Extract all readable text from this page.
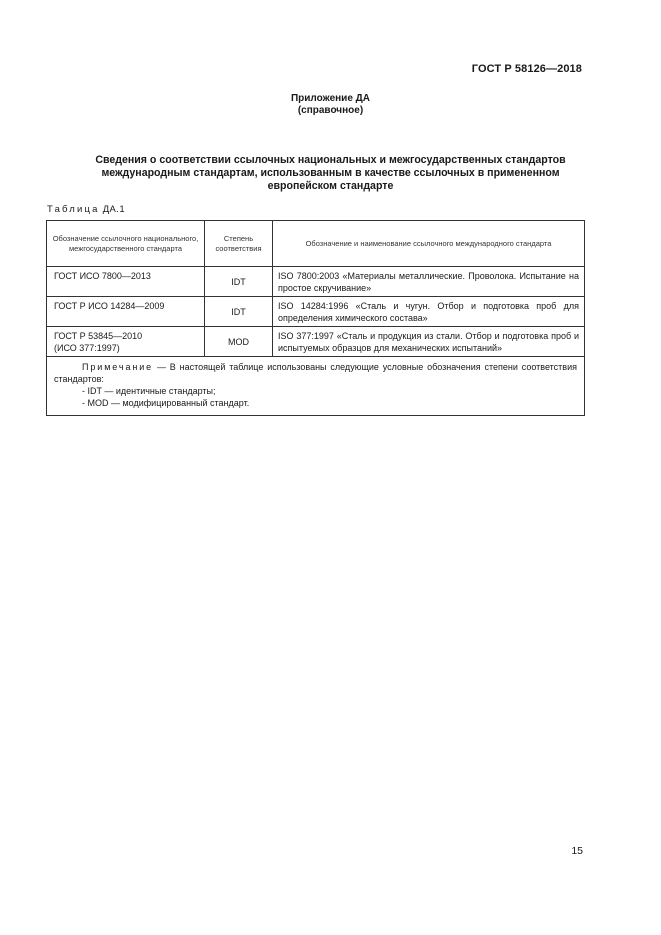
ГОСТ Р 58126—2018
Приложение ДА
(справочное)
Сведения о соответствии ссылочных национальных и межгосударственных стандартов
международным стандартам, использованным в качестве ссылочных в примененном
европейском стандарте
Таблица ДА.1
Обозначение ссылочного национального, межгосударственного стандарта	Степень соответствия	Обозначение и наименование ссылочного международного стандарта

ГОСТ ИСО 7800—2013	IDT	ISO 7800:2003 «Материалы металлические. Проволока. Испытание на простое скручивание»

ГОСТ Р ИСО 14284—2009	IDT	ISO 14284:1996 «Сталь и чугун. Отбор и подготовка проб для определения химического состава»

ГОСТ Р 53845—2010
(ИСО 377:1997)	MOD	ISO 377:1997 «Сталь и продукция из стали. Отбор и подготовка проб и испытуемых образцов для механических испытаний»

Примечание — В настоящей таблице использованы следующие условные обозначения степени соответствия стандартов:
- IDT — идентичные стандарты;
- MOD — модифицированный стандарт.		
15
